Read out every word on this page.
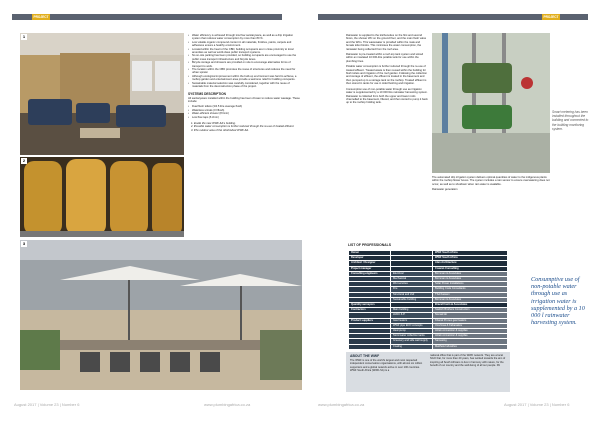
PROJECT	PROJECT
1
2
3
• Water efficiency is achieved through low flow sanitaryware, as well as a drip irrigation system that reduces water consumption by more than 80 %.
• Low volatile organic compound content in all materials, finishes, paints, carpets and adhesives ensure a healthy environment.
• Located within the heart of the CBD, building occupants are in close proximity to local amenities as well as world-class public transport systems.
• No on-site parking has been provided, so building occupants are encouraged to use the public mass transport infrastructure and bicycle lanes.
• Bicycle storage and showers are provided on site to encourage alternative forms of transport to work.
• The location within the CBD promotes the reuse of structures and reduces the need for urban sprawl.
• Although ecological improvement within the built-up environment was hard to achieve, a rooftop garden and entertainment area provide a welcome relief for building occupants.
• Sustainable material selection was carefully considered, together with the reuse of materials from the deconstruction phase of the project.
SYSTEMS DESCRIPTION

All sanitaryware installed within the building has been chosen to reduce water wastage. These include:

• Dual flush toilets (3/4.5 litre average flush)
• Waterless urinals (0 l/flush)
• Water-efficient shower (8 l/min)
• Low flow taps (6 l/min)
• 1. Inside the new WWF-SA's building.
• 2. Possible water consumption is further reduced through the re-use of treated effluent.
• 3. The outdoor area of the refurbished WWF-SA.

Rainwater is supplied to the kitchenettes on the first and second floors, the shower WC on the ground floor, and the main flush valve and the WCs. This wastewater is provided within the male and female toilet blocks. This minimises the water consumption, the rainwater being collected from the roof area.

Rainwater is pre-treated within a roof-top tank system and stored within an insulated 10 000-litre potable tank for use within the plumbing lines.

Potable water consumption is further reduced through the re-use of treated effluent. Treated waste is then reused within the building for flush toilets and irrigation of the roof garden. Following the collection and storage of effluent, the effluent is treated in the basement and then pumped up to a storage tank on the rooftop. Treated effluent is then stored in tanks for use in toilet flushing and irrigation.

Consumption use of non-potable water through use as irrigation water is supplemented by a 10 000 litre rainwater harvesting system. Rainwater is collected from both the upper and lower roofs channelled to the basement, filtered, and then stored to pump it back up to the rooftop holding tank.

Smart metering has been installed throughout the building and connected to the building monitoring system.

The automated drip irrigation system delivers optimal quantities of water to the indigenous plants within the rooftop flower boxes. The system includes a rain sensor to ensure overwatering does not occur, as well as to shutdown when rain water is available.

Rainwater generation

LIST OF PROFESSIONALS
Owner		WWF South Africa
Developer		WWF South Africa
Architect / Designer		Alan Architecture
Project manager		Coavan Consulting
Consulting engineers	Electrical	Bornman & Associates
	Mechanical	Bornman & Associates
	Wet services	Solar Power Installations
	Fire	Building Code Consultants
	Structural and civil	TSA Kareem
	Sustainable building	Bornman & Associates
Quantity surveyors		Bracell Irwin & Associates
Contractors	Main building	Stattich Brothers Construction
	HVAC & P.	Nomad Air
Product suppliers	Gas heaters	Khanal Pronex gas heaters
	WWF pipe ECO concepts	Umvimea & Kahanakou
	Heat pump	Airtek conversion & supplies
	Stormwater collection tanks	Airtek conversion & supplies
	Greenery and side wall supply	Sameeing
	Coating	Matthew Industries
Consumptive use of non-potable water through use as irrigation water is supplemented by a 10 000 l rainwater harvesting system.
ABOUT THE WWF
The WWF is one of the world's largest and most respected independent conservation organisations, with almost six million supporters and a global network active in over 100 countries. WWF South Africa (WWF-SA) is a
national office that is part of the WWF network. They are a local NGO that, for more than 40 years, has worked towards the aim of inspiring all South Africans to live in harmony with nature, for the benefit of our country and the well-being of all our people. PA
August 2017 | Volume 23 | Number 6	www.plumbingafrica.co.za	www.plumbingafrica.co.za	August 2017 | Volume 23 | Number 6
